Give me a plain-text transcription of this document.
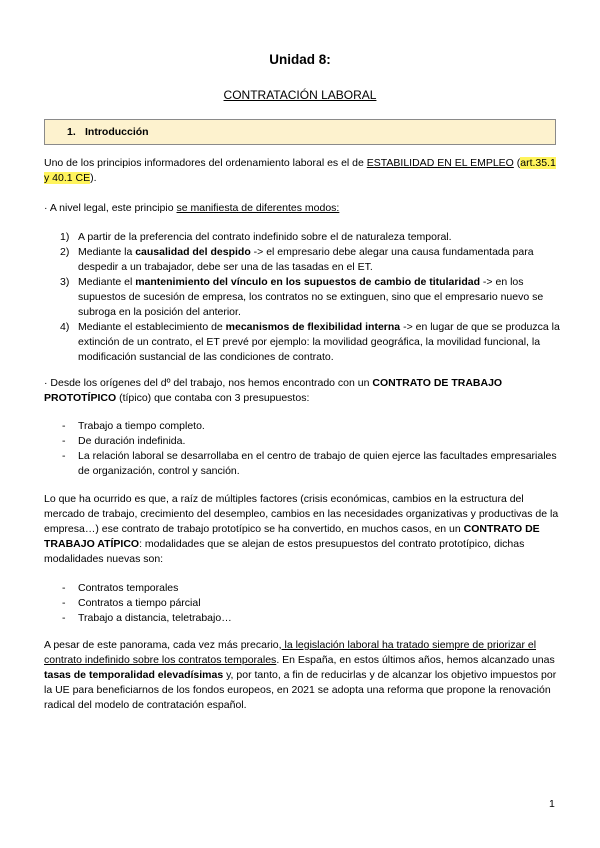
Unidad 8:
CONTRATACIÓN LABORAL
1. Introducción
Uno de los principios informadores del ordenamiento laboral es el de ESTABILIDAD EN EL EMPLEO (art.35.1 y 40.1 CE).
· A nivel legal, este principio se manifiesta de diferentes modos:
1) A partir de la preferencia del contrato indefinido sobre el de naturaleza temporal.
2) Mediante la causalidad del despido -> el empresario debe alegar una causa fundamentada para despedir a un trabajador, debe ser una de las tasadas en el ET.
3) Mediante el mantenimiento del vínculo en los supuestos de cambio de titularidad -> en los supuestos de sucesión de empresa, los contratos no se extinguen, sino que el empresario nuevo se subroga en la posición del anterior.
4) Mediante el establecimiento de mecanismos de flexibilidad interna -> en lugar de que se produzca la extinción de un contrato, el ET prevé por ejemplo: la movilidad geográfica, la movilidad funcional, la modificación sustancial de las condiciones de contrato.
· Desde los orígenes del dº del trabajo, nos hemos encontrado con un CONTRATO DE TRABAJO PROTOTÍPICO (típico) que contaba con 3 presupuestos:
- Trabajo a tiempo completo.
- De duración indefinida.
- La relación laboral se desarrollaba en el centro de trabajo de quien ejerce las facultades empresariales de organización, control y sanción.
Lo que ha ocurrido es que, a raíz de múltiples factores (crisis económicas, cambios en la estructura del mercado de trabajo, crecimiento del desempleo, cambios en las necesidades organizativas y productivas de la empresa…) ese contrato de trabajo prototípico se ha convertido, en muchos casos, en un CONTRATO DE TRABAJO ATÍPICO: modalidades que se alejan de estos presupuestos del contrato prototípico, dichas modalidades nuevas son:
- Contratos temporales
- Contratos a tiempo párcial
- Trabajo a distancia, teletrabajo…
A pesar de este panorama, cada vez más precario, la legislación laboral ha tratado siempre de priorizar el contrato indefinido sobre los contratos temporales. En España, en estos últimos años, hemos alcanzado unas tasas de temporalidad elevadísimas y, por tanto, a fin de reducirlas y de alcanzar los objetivo impuestos por la UE para beneficiarnos de los fondos europeos, en 2021 se adopta una reforma que propone la renovación radical del modelo de contratación español.
1
